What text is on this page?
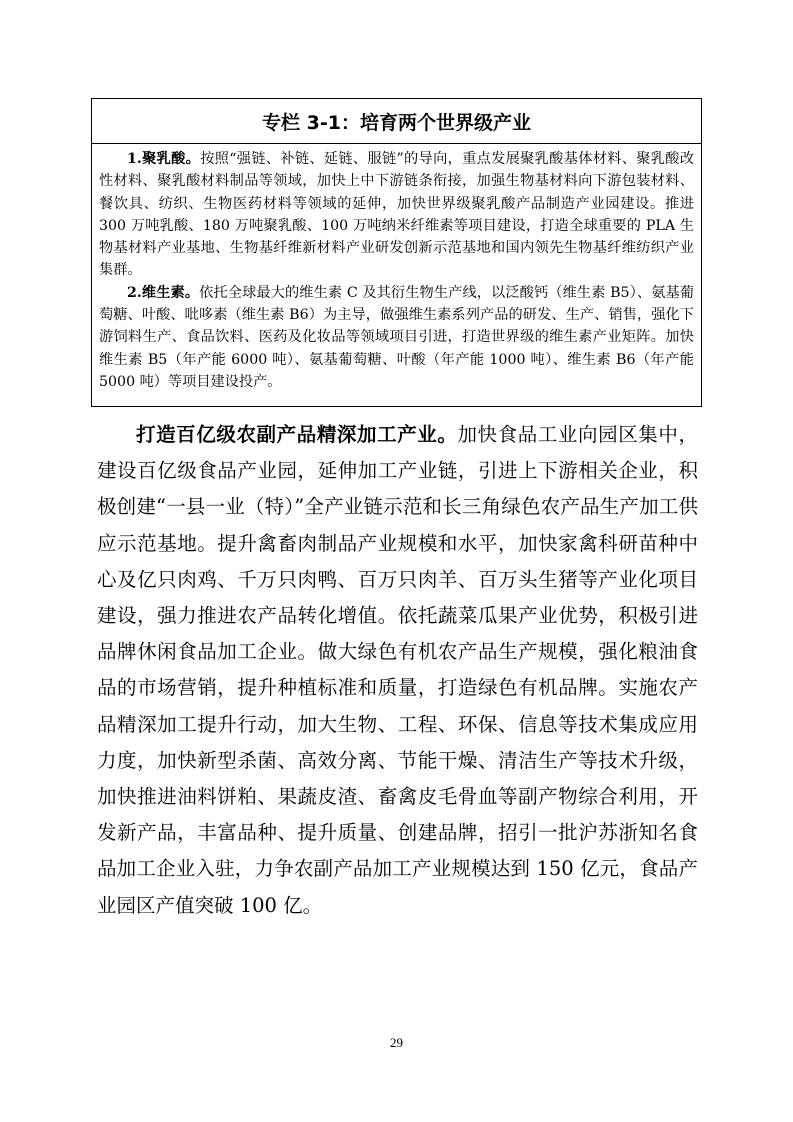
专栏 3-1：培育两个世界级产业

1.聚乳酸。按照“强链、补链、延链、服链”的导向，重点发展聚乳酸基体材料、聚乳酸改性材料、聚乳酸材料制品等领域，加快上中下游链条衔接，加强生物基材料向下游包装材料、餐饮具、纺织、生物医药材料等领域的延伸，加快世界级聚乳酸产品制造产业园建设。推进 300 万吨乳酸、180 万吨聚乳酸、100 万吨纳米纤维素等项目建设，打造全球重要的 PLA 生物基材料产业基地、生物基纤维新材料产业研发创新示范基地和国内领先生物基纤维纺织产业集群。

2.维生素。依托全球最大的维生素 C 及其衍生物生产线，以泛酸钙（维生素 B5）、氨基葡萄糖、叶酸、吡哆素（维生素 B6）为主导，做强维生素系列产品的研发、生产、销售，强化下游饲料生产、食品饮料、医药及化妆品等领域项目引进，打造世界级的维生素产业矩阵。加快维生素 B5（年产能 6000 吨）、氨基葡萄糖、叶酸（年产能 1000 吨）、维生素 B6（年产能 5000 吨）等项目建设投产。

打造百亿级农副产品精深加工产业。加快食品工业向园区集中，建设百亿级食品产业园，延伸加工产业链，引进上下游相关企业，积极创建“一县一业（特）”全产业链示范和长三角绿色农产品生产加工供应示范基地。提升禽畜肉制品产业规模和水平，加快家禽科研苗种中心及亿只肉鸡、千万只肉鸭、百万只肉羊、百万头生猪等产业化项目建设，强力推进农产品转化增值。依托蔬菜瓜果产业优势，积极引进品牌休闲食品加工企业。做大绿色有机农产品生产规模，强化粮油食品的市场营销，提升种植标准和质量，打造绿色有机品牌。实施农产品精深加工提升行动，加大生物、工程、环保、信息等技术集成应用力度，加快新型杀菌、高效分离、节能干燥、清洁生产等技术升级，加快推进油料饼粕、果蔬皮渣、畜禽皮毛骨血等副产物综合利用，开发新产品，丰富品种、提升质量、创建品牌，招引一批沪苏浙知名食品加工企业入驻，力争农副产品加工产业规模达到 150 亿元，食品产业园区产值突破 100 亿。

29
